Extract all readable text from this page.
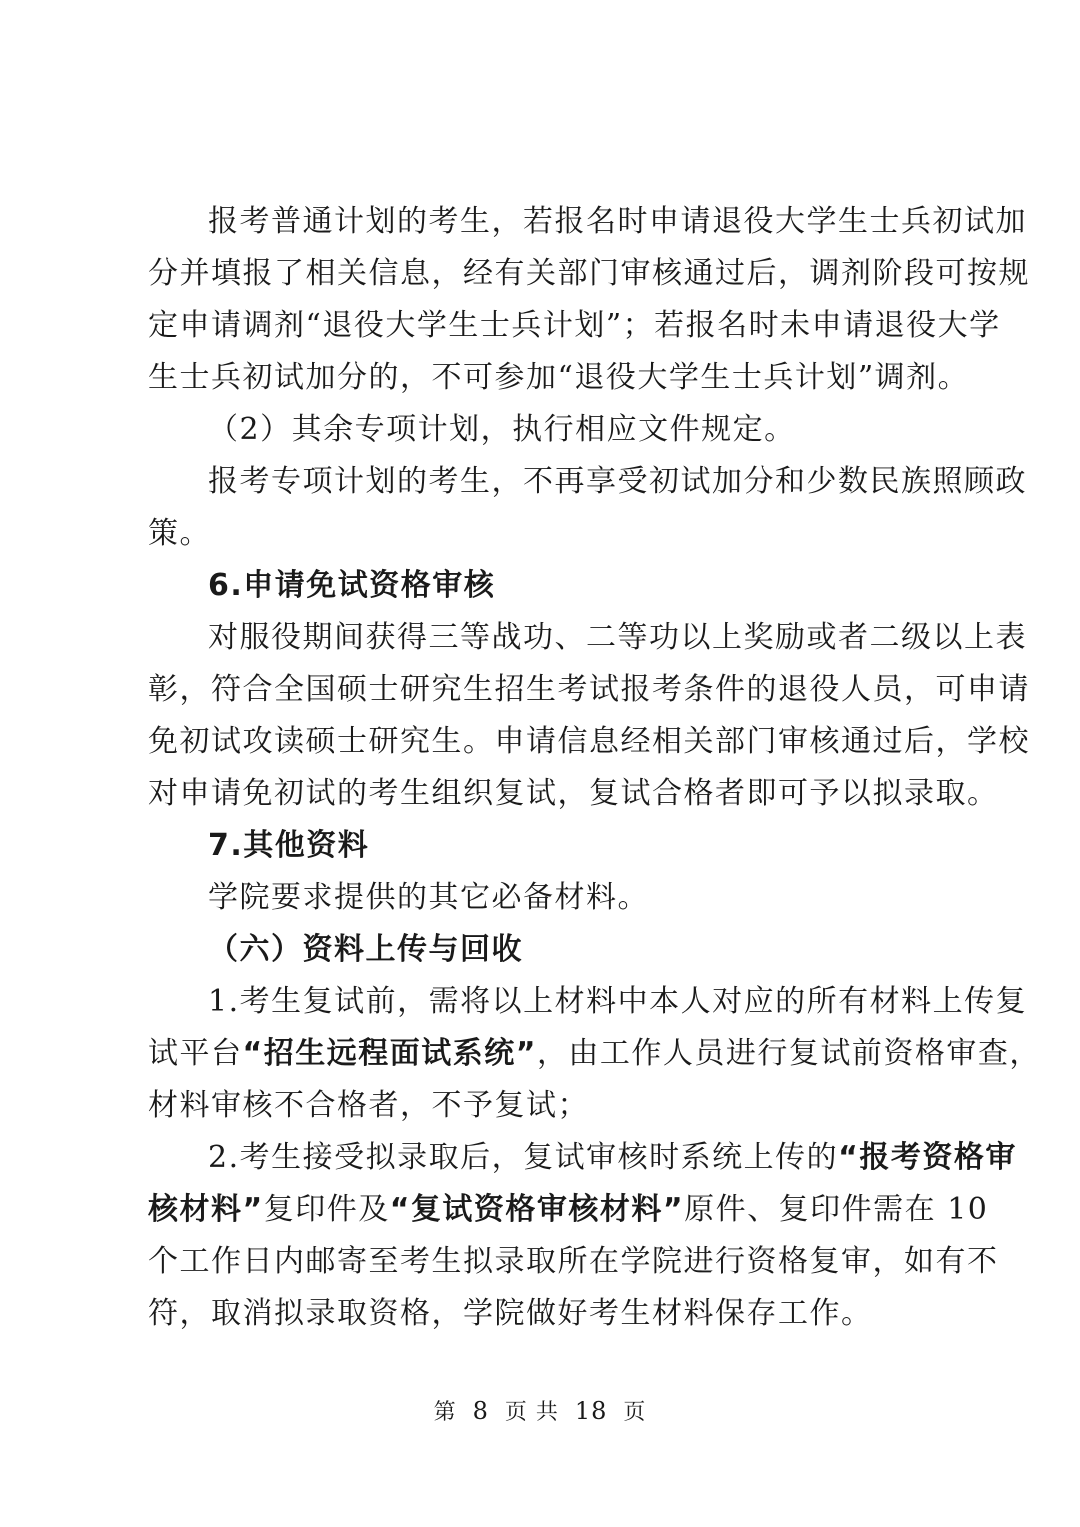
报考普通计划的考生，若报名时申请退役大学生士兵初试加
分并填报了相关信息，经有关部门审核通过后，调剂阶段可按规
定申请调剂“退役大学生士兵计划”；若报名时未申请退役大学
生士兵初试加分的，不可参加“退役大学生士兵计划”调剂。
（2）其余专项计划，执行相应文件规定。
报考专项计划的考生，不再享受初试加分和少数民族照顾政
策。
6.申请免试资格审核
对服役期间获得三等战功、二等功以上奖励或者二级以上表
彰，符合全国硕士研究生招生考试报考条件的退役人员，可申请
免初试攻读硕士研究生。申请信息经相关部门审核通过后，学校
对申请免初试的考生组织复试，复试合格者即可予以拟录取。
7.其他资料
学院要求提供的其它必备材料。
（六）资料上传与回收
1.考生复试前，需将以上材料中本人对应的所有材料上传复
试平台“招生远程面试系统”，由工作人员进行复试前资格审查，
材料审核不合格者，不予复试；
2.考生接受拟录取后，复试审核时系统上传的“报考资格审
核材料”复印件及“复试资格审核材料”原件、复印件需在 10
个工作日内邮寄至考生拟录取所在学院进行资格复审，如有不
符，取消拟录取资格，学院做好考生材料保存工作。
第 8 页 共 18 页
